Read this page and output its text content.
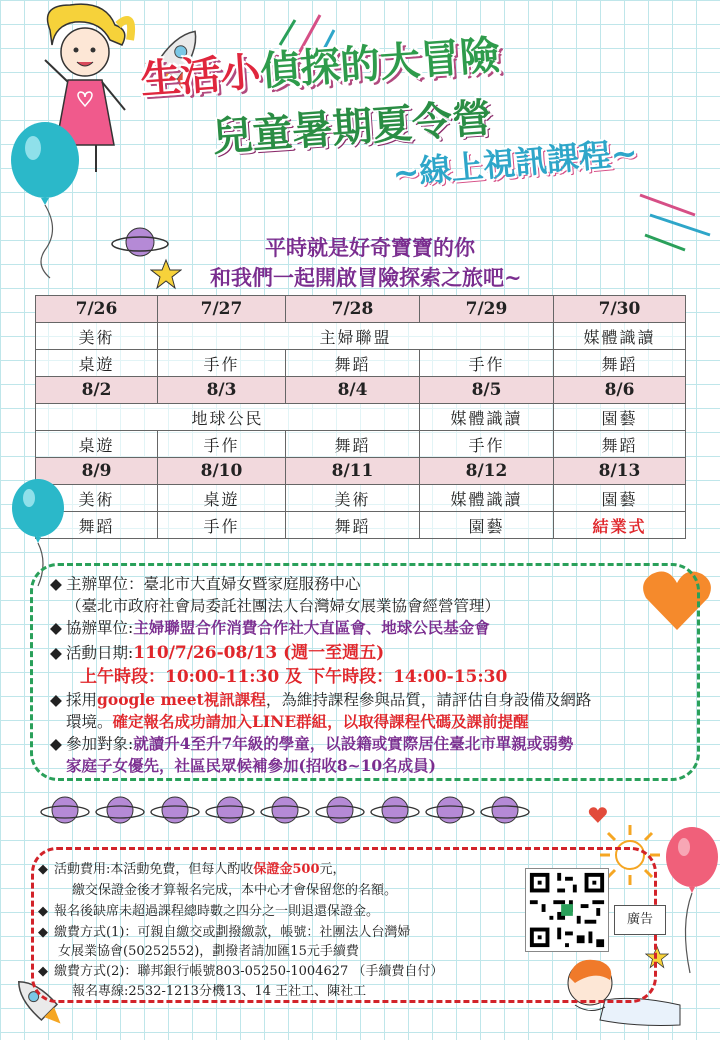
生活小偵探的大冒險
兒童暑期夏令營
~線上視訊課程~
平時就是好奇寶寶的你
和我們一起開啟冒險探索之旅吧~
7/26	7/27	7/28	7/29	7/30
美術	主婦聯盟			媒體識讀
桌遊	手作	舞蹈	手作	舞蹈
8/2	8/3	8/4	8/5	8/6
地球公民			媒體識讀	園藝
桌遊	手作	舞蹈	手作	舞蹈
8/9	8/10	8/11	8/12	8/13
美術	桌遊	美術	媒體識讀	園藝
舞蹈	手作	舞蹈	園藝	結業式
◆ 主辦單位：臺北市大直婦女暨家庭服務中心
（臺北市政府社會局委託社團法人台灣婦女展業協會經營管理）
◆ 協辦單位:主婦聯盟合作消費合作社大直區會、地球公民基金會
◆ 活動日期:110/7/26-08/13 (週一至週五)
上午時段：10:00-11:30 及 下午時段：14:00-15:30
◆ 採用google meet視訊課程，為維持課程參與品質，請評估自身設備及網路
環境。確定報名成功請加入LINE群組，以取得課程代碼及課前提醒
◆ 參加對象:就讀升4至升7年級的學童，以設籍或實際居住臺北市單親或弱勢
家庭子女優先，社區民眾候補參加(招收8~10名成員)
◆ 活動費用:本活動免費，但每人酌收保證金500元，
繳交保證金後才算報名完成，本中心才會保留您的名額。
◆ 報名後缺席未超過課程總時數之四分之一則退還保證金。
◆ 繳費方式(1)：可親自繳交或劃撥繳款，帳號：社團法人台灣婦
女展業協會(50252552)，劃撥者請加匯15元手續費
◆ 繳費方式(2)：聯邦銀行帳號803-05250-1004627 （手續費自付）
報名專線:2532-1213分機13、14 王社工、陳社工
廣告
